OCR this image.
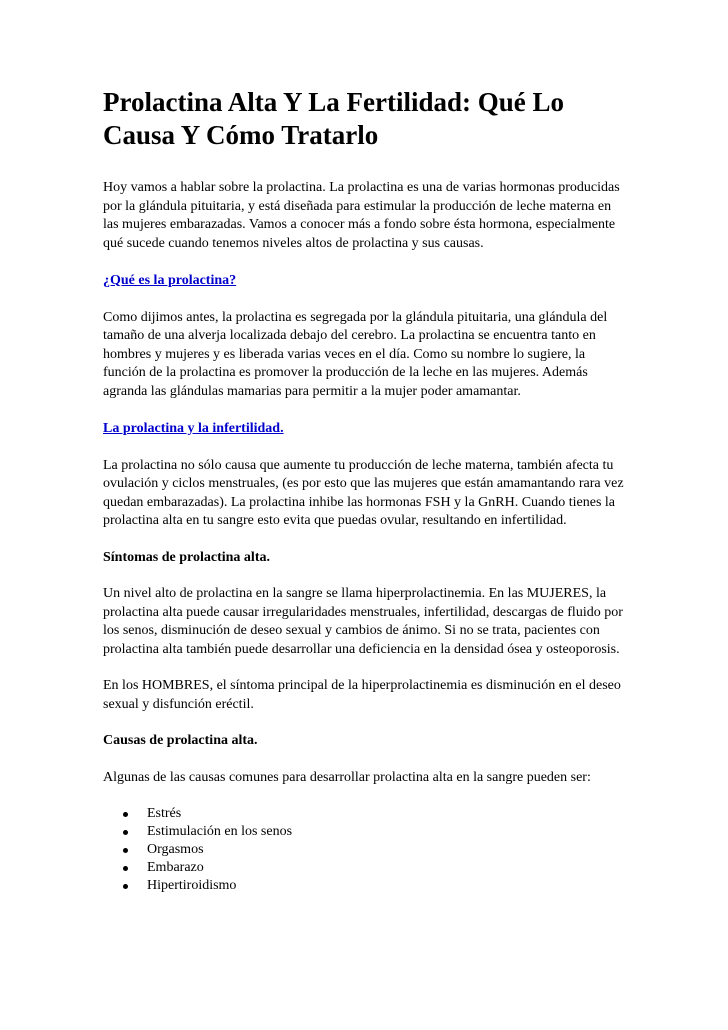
Prolactina Alta Y La Fertilidad: Qué Lo Causa Y Cómo Tratarlo

Hoy vamos a hablar sobre la prolactina. La prolactina es una de varias hormonas producidas por la glándula pituitaria, y está diseñada para estimular la producción de leche materna en las mujeres embarazadas. Vamos a conocer más a fondo sobre ésta hormona, especialmente qué sucede cuando tenemos niveles altos de prolactina y sus causas.

¿Qué es la prolactina?

Como dijimos antes, la prolactina es segregada por la glándula pituitaria, una glándula del tamaño de una alverja localizada debajo del cerebro. La prolactina se encuentra tanto en hombres y mujeres y es liberada varias veces en el día. Como su nombre lo sugiere, la función de la prolactina es promover la producción de la leche en las mujeres. Además agranda las glándulas mamarias para permitir a la mujer poder amamantar.

La prolactina y la infertilidad.

La prolactina no sólo causa que aumente tu producción de leche materna, también afecta tu ovulación y ciclos menstruales, (es por esto que las mujeres que están amamantando rara vez quedan embarazadas). La prolactina inhibe las hormonas FSH y la GnRH. Cuando tienes la prolactina alta en tu sangre esto evita que puedas ovular, resultando en infertilidad.

Síntomas de prolactina alta.

Un nivel alto de prolactina en la sangre se llama hiperprolactinemia. En las MUJERES, la prolactina alta puede causar irregularidades menstruales, infertilidad, descargas de fluido por los senos, disminución de deseo sexual y cambios de ánimo. Si no se trata, pacientes con prolactina alta también puede desarrollar una deficiencia en la densidad ósea y osteoporosis.

En los HOMBRES, el síntoma principal de la hiperprolactinemia es disminución en el deseo sexual y disfunción eréctil.

Causas de prolactina alta.

Algunas de las causas comunes para desarrollar prolactina alta en la sangre pueden ser:

Estrés
Estimulación en los senos
Orgasmos
Embarazo
Hipertiroidismo
